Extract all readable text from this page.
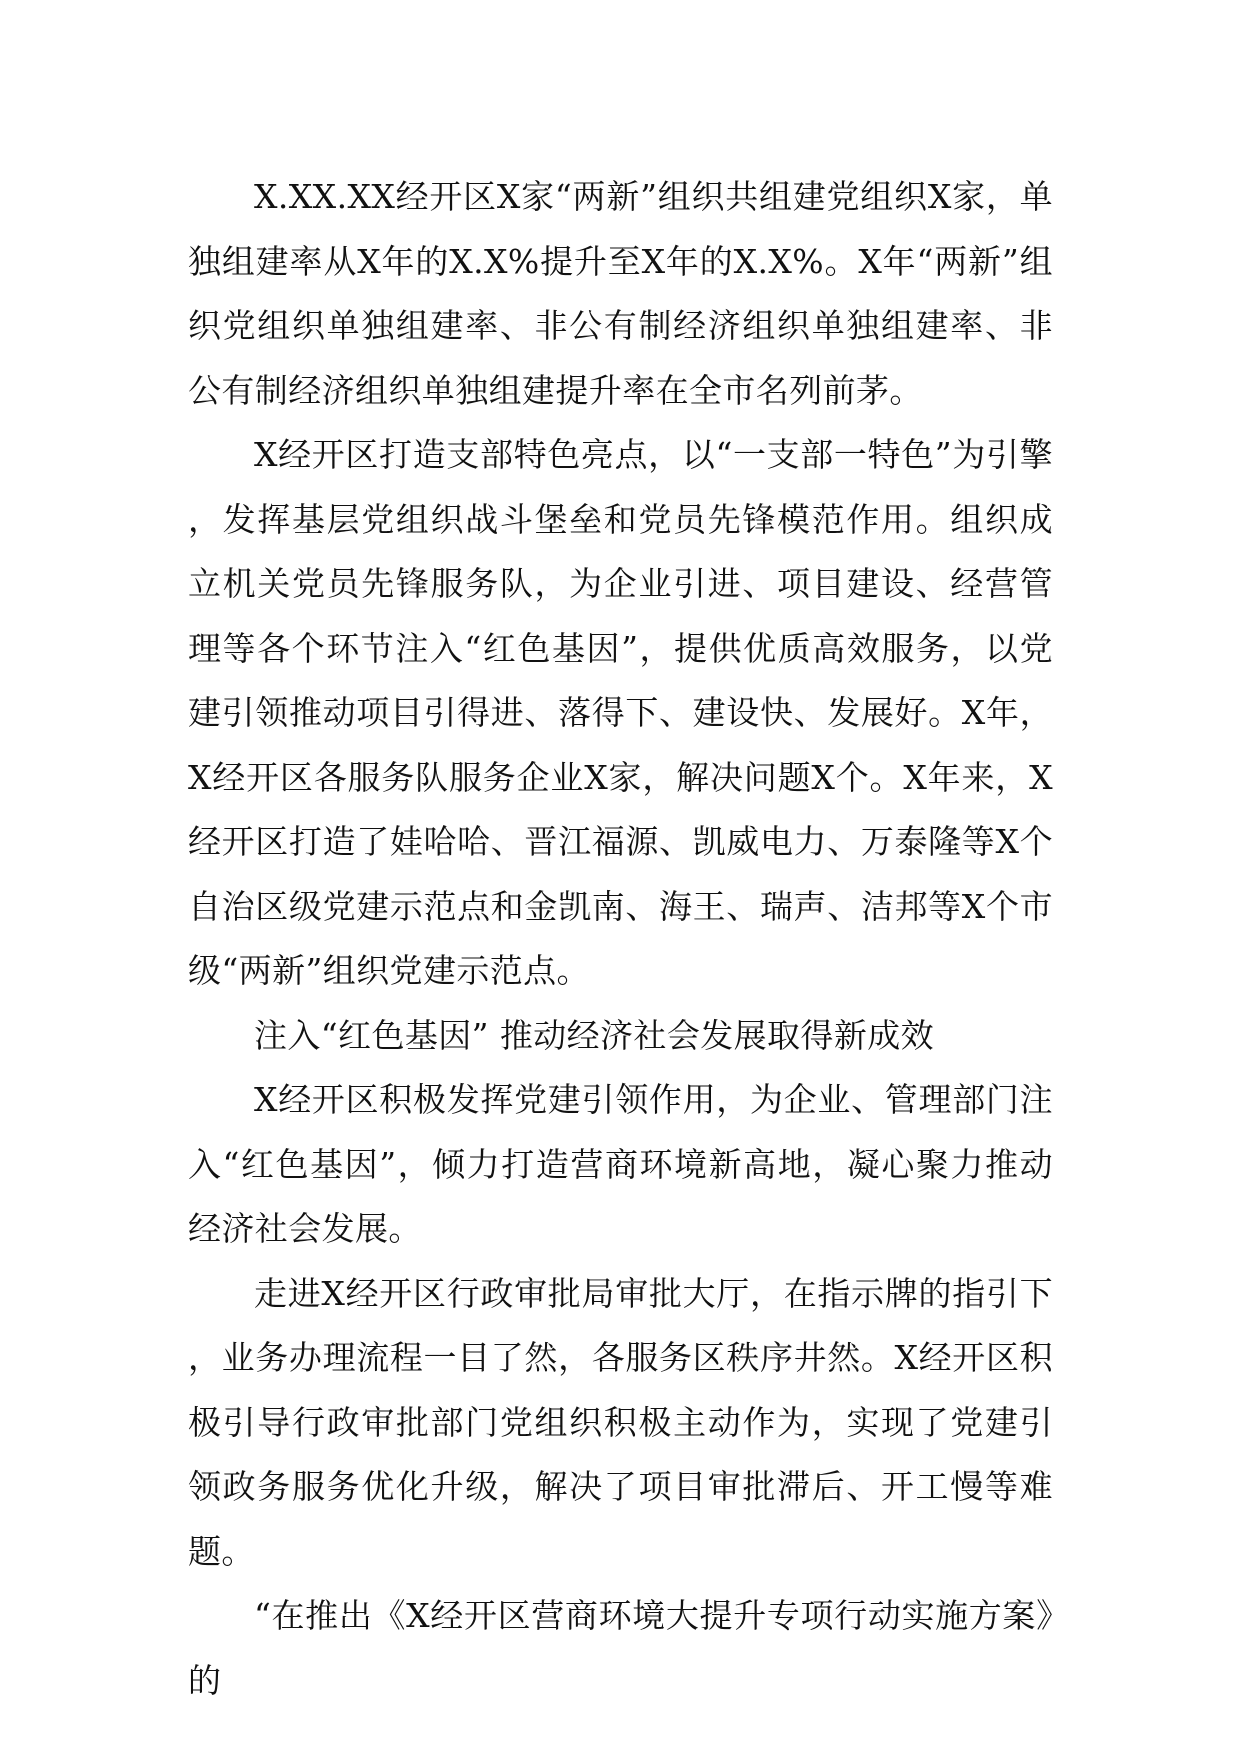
X.XX.XX经开区X家“两新”组织共组建党组织X家，单独组建率从X年的X.X%提升至X年的X.X%。X年“两新”组织党组织单独组建率、非公有制经济组织单独组建率、非公有制经济组织单独组建提升率在全市名列前茅。

X经开区打造支部特色亮点，以“一支部一特色”为引擎，发挥基层党组织战斗堡垒和党员先锋模范作用。组织成立机关党员先锋服务队，为企业引进、项目建设、经营管理等各个环节注入“红色基因”，提供优质高效服务，以党建引领推动项目引得进、落得下、建设快、发展好。X年，X经开区各服务队服务企业X家，解决问题X个。X年来，X经开区打造了娃哈哈、晋江福源、凯威电力、万泰隆等X个自治区级党建示范点和金凯南、海王、瑞声、洁邦等X个市级“两新”组织党建示范点。

注入“红色基因” 推动经济社会发展取得新成效

X经开区积极发挥党建引领作用，为企业、管理部门注入“红色基因”，倾力打造营商环境新高地，凝心聚力推动经济社会发展。

走进X经开区行政审批局审批大厅，在指示牌的指引下，业务办理流程一目了然，各服务区秩序井然。X经开区积极引导行政审批部门党组织积极主动作为，实现了党建引领政务服务优化升级，解决了项目审批滞后、开工慢等难题。

“在推出《X经开区营商环境大提升专项行动实施方案》的
